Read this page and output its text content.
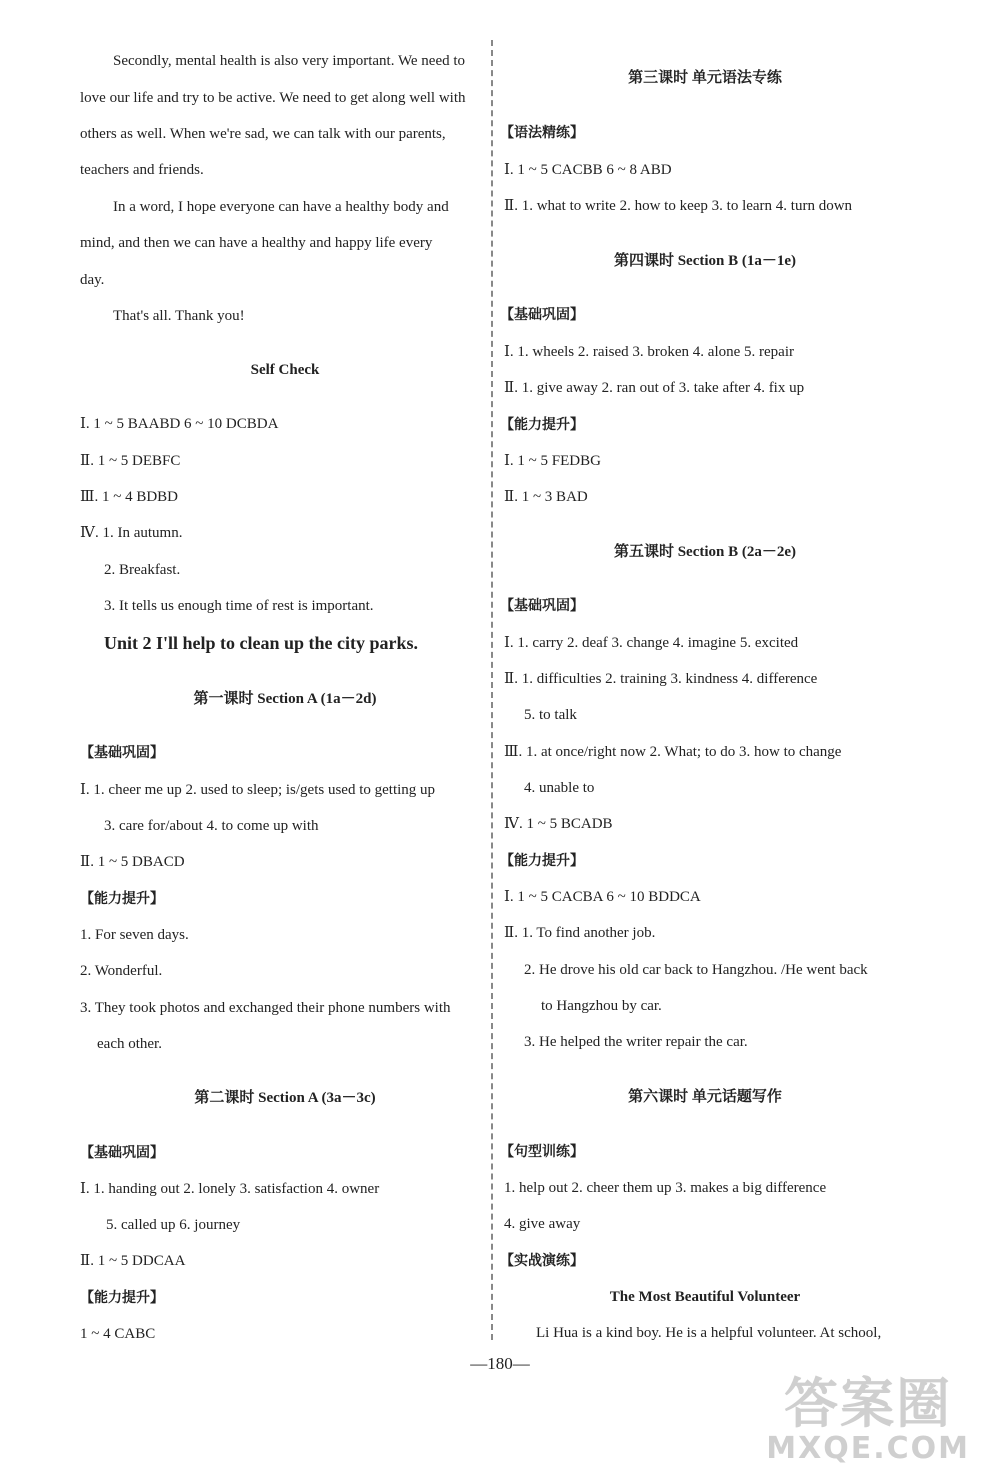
Secondly, mental health is also very important. We need to
love our life and try to be active. We need to get along well with
others as well. When we're sad, we can talk with our parents,
teachers and friends.
In a word, I hope everyone can have a healthy body and
mind, and then we can have a healthy and happy life every
day.
That's all. Thank you!
Self Check
Ⅰ. 1 ~ 5 BAABD 6 ~ 10 DCBDA
Ⅱ. 1 ~ 5 DEBFC
Ⅲ. 1 ~ 4 BDBD
Ⅳ. 1. In autumn.
2. Breakfast.
3. It tells us enough time of rest is important.
Unit 2 I'll help to clean up the city parks.
第一课时 Section A (1a－2d)
【基础巩固】
Ⅰ. 1. cheer me up 2. used to sleep; is/gets used to getting up
3. care for/about 4. to come up with
Ⅱ. 1 ~ 5 DBACD
【能力提升】
1. For seven days.
2. Wonderful.
3. They took photos and exchanged their phone numbers with
each other.
第二课时 Section A (3a－3c)
【基础巩固】
Ⅰ. 1. handing out 2. lonely 3. satisfaction 4. owner
5. called up 6. journey
Ⅱ. 1 ~ 5 DDCAA
【能力提升】
1 ~ 4 CABC
第三课时 单元语法专练
【语法精练】
Ⅰ. 1 ~ 5 CACBB 6 ~ 8 ABD
Ⅱ. 1. what to write 2. how to keep 3. to learn 4. turn down
第四课时 Section B (1a－1e)
【基础巩固】
Ⅰ. 1. wheels 2. raised 3. broken 4. alone 5. repair
Ⅱ. 1. give away 2. ran out of 3. take after 4. fix up
【能力提升】
Ⅰ. 1 ~ 5 FEDBG
Ⅱ. 1 ~ 3 BAD
第五课时 Section B (2a－2e)
【基础巩固】
Ⅰ. 1. carry 2. deaf 3. change 4. imagine 5. excited
Ⅱ. 1. difficulties 2. training 3. kindness 4. difference
5. to talk
Ⅲ. 1. at once/right now 2. What; to do 3. how to change
4. unable to
Ⅳ. 1 ~ 5 BCADB
【能力提升】
Ⅰ. 1 ~ 5 CACBA 6 ~ 10 BDDCA
Ⅱ. 1. To find another job.
2. He drove his old car back to Hangzhou. /He went back
to Hangzhou by car.
3. He helped the writer repair the car.
第六课时 单元话题写作
【句型训练】
1. help out 2. cheer them up 3. makes a big difference
4. give away
【实战演练】
The Most Beautiful Volunteer
Li Hua is a kind boy. He is a helpful volunteer. At school,
—180—
答案圈
MXQE.COM
